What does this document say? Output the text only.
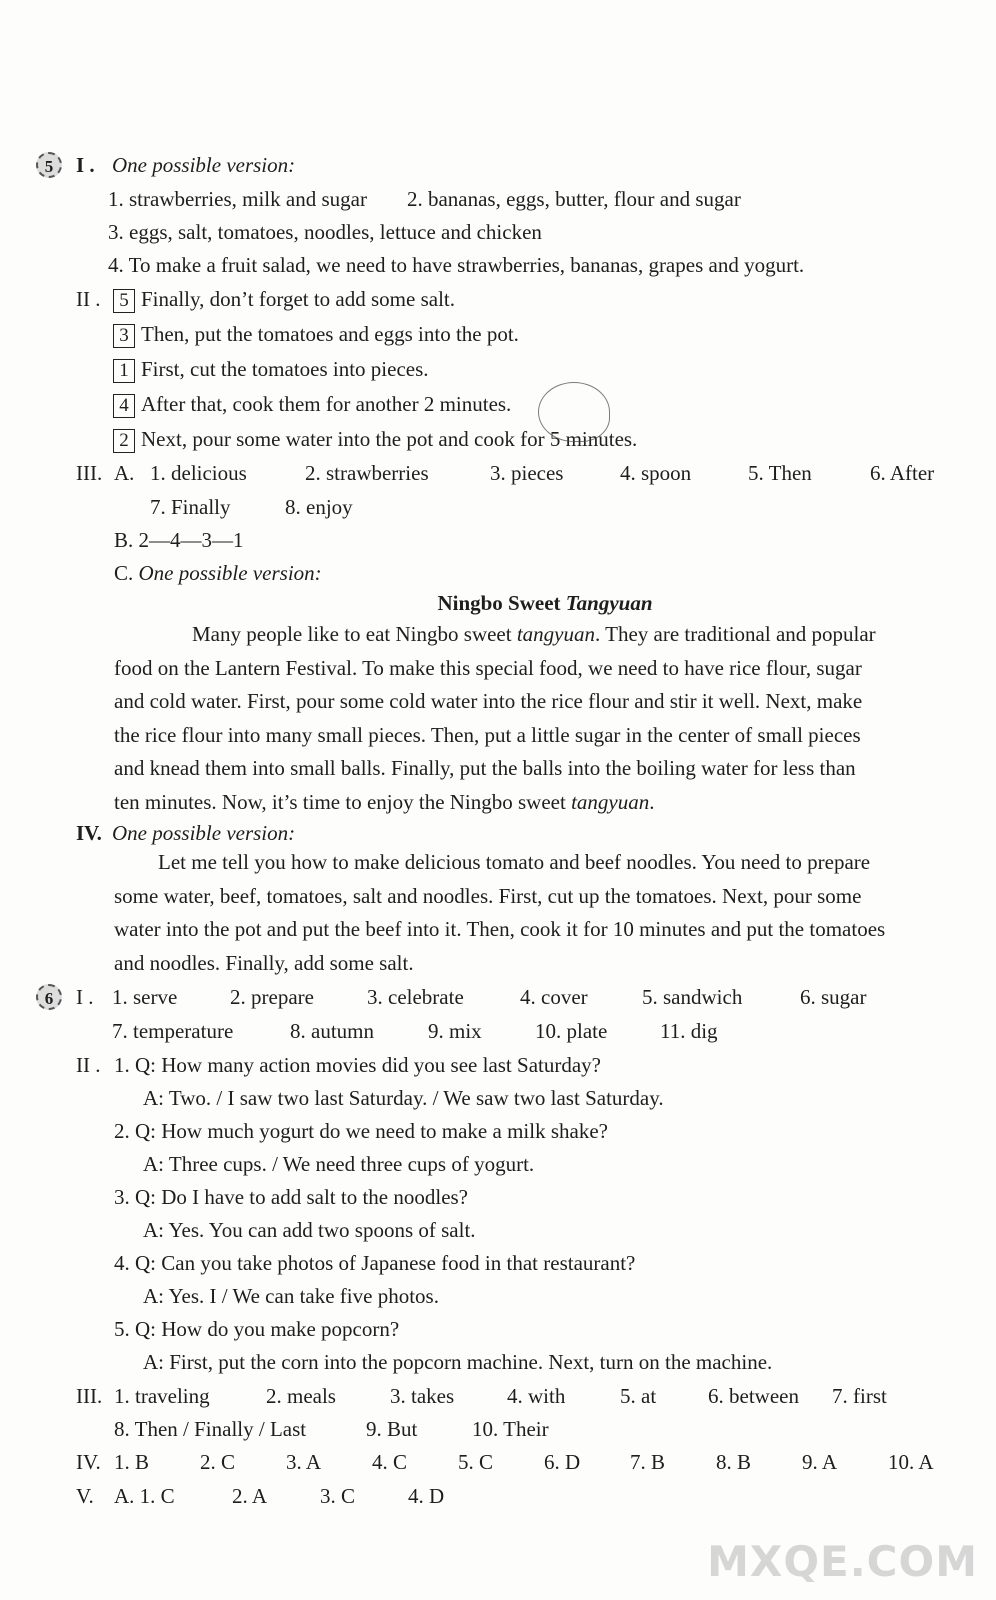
5	I . One possible version:
1. strawberries, milk and sugar 2. bananas, eggs, butter, flour and sugar
3. eggs, salt, tomatoes, noodles, lettuce and chicken
4. To make a fruit salad, we need to have strawberries, bananas, grapes and yogurt.
II . 5 Finally, don’t forget to add some salt.
3 Then, put the tomatoes and eggs into the pot.
1 First, cut the tomatoes into pieces.
4 After that, cook them for another 2 minutes.
2 Next, pour some water into the pot and cook for 5 minutes.
III. A. 1. delicious	2. strawberries	3. pieces	4. spoon	5. Then	6. After
7. Finally	8. enjoy
B. 2—4—3—1
C. One possible version:
Ningbo Sweet Tangyuan
Many people like to eat Ningbo sweet tangyuan. They are traditional and popular
food on the Lantern Festival. To make this special food, we need to have rice flour, sugar
and cold water. First, pour some cold water into the rice flour and stir it well. Next, make
the rice flour into many small pieces. Then, put a little sugar in the center of small pieces
and knead them into small balls. Finally, put the balls into the boiling water for less than
ten minutes. Now, it’s time to enjoy the Ningbo sweet tangyuan.
IV. One possible version:
Let me tell you how to make delicious tomato and beef noodles. You need to prepare
some water, beef, tomatoes, salt and noodles. First, cut up the tomatoes. Next, pour some
water into the pot and put the beef into it. Then, cook it for 10 minutes and put the tomatoes
and noodles. Finally, add some salt.
6	I . 1. serve	2. prepare	3. celebrate	4. cover	5. sandwich	6. sugar
7. temperature	8. autumn	9. mix	10. plate	11. dig
II . 1. Q: How many action movies did you see last Saturday?
A: Two. / I saw two last Saturday. / We saw two last Saturday.
2. Q: How much yogurt do we need to make a milk shake?
A: Three cups. / We need three cups of yogurt.
3. Q: Do I have to add salt to the noodles?
A: Yes. You can add two spoons of salt.
4. Q: Can you take photos of Japanese food in that restaurant?
A: Yes. I / We can take five photos.
5. Q: How do you make popcorn?
A: First, put the corn into the popcorn machine. Next, turn on the machine.
III. 1. traveling	2. meals	3. takes	4. with	5. at 6. between 7. first
8. Then / Finally / Last	9. But	10. Their
IV. 1. B 2. C 3. A 4. C 5. C 6. D 7. B 8. B 9. A 10. A
V. A. 1. C	2. A	3. C	4. D
MXQE.COM
